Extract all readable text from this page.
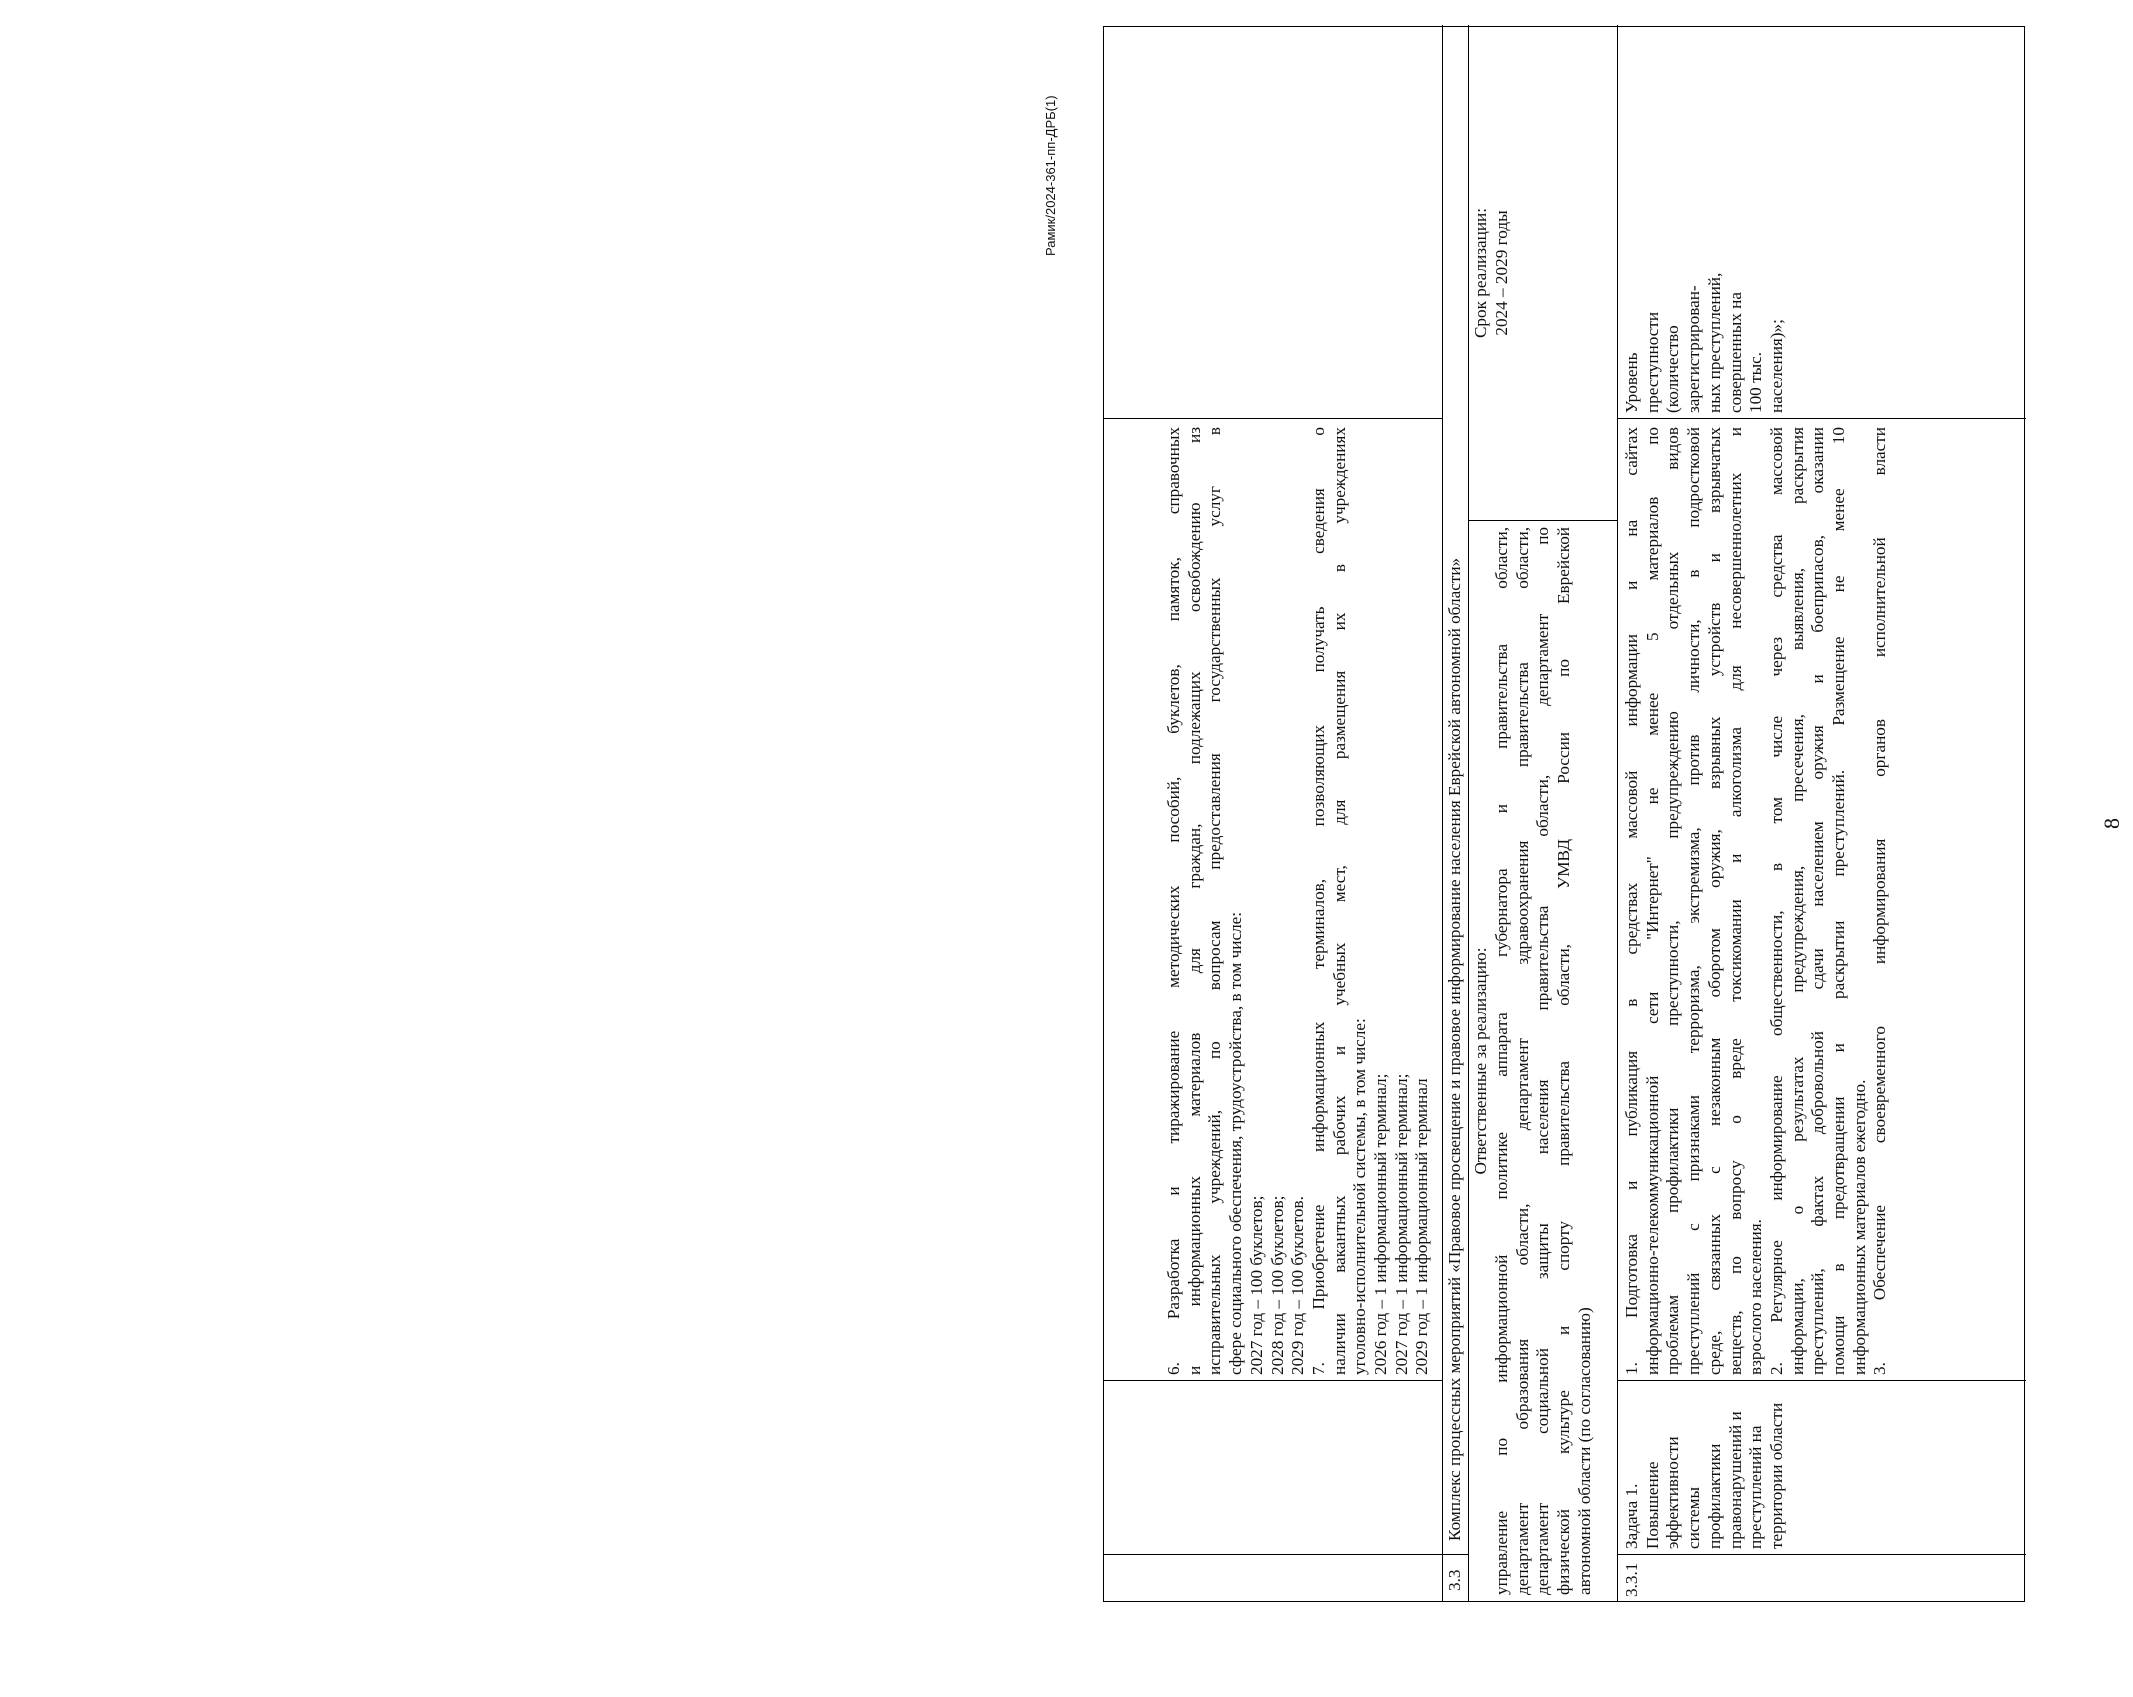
8
Рамик/2024-361-пп-ДРБ(1)
6. Разработка и тиражирование методических пособий, буклетов, памяток, справочных и информационных материалов для граждан, подлежащих освобождению из исправительных учреждений, по вопросам предоставления государственных услуг в сфере социального обеспечения, трудоустройства, в том числе: 2027 год – 100 буклетов; 2028 год – 100 буклетов; 2029 год – 100 буклетов. 7. Приобретение информационных терминалов, позволяющих получать сведения о наличии вакантных рабочих и учебных мест, для размещения их в учреждениях уголовно-исполнительной системы, в том числе: 2026 год – 1 информационный терминал; 2027 год – 1 информационный терминал; 2029 год – 1 информационный терминал
3.3
Комплекс процессных мероприятий «Правовое просвещение и правовое информирование населения Еврейской автономной области» Ответственные за реализацию: управление по информационной политике аппарата губернатора и правительства области, департамент образования области, департамент здравоохранения правительства области, департамент социальной защиты населения правительства области, департамент по физической культуре и спорту правительства области, УМВД России по Еврейской автономной области (по согласованию)
Срок реализации: 2024 – 2029 годы
3.3.1
Задача 1. Повышение эффективности системы профилактики правонарушений и преступлений на территории области
1. Подготовка и публикация в средствах массовой информации и на сайтах информационно-телекоммуникационной сети "Интернет" не менее 5 материалов по проблемам профилактики преступности, предупреждению отдельных видов преступлений с признаками терроризма, экстремизма, против личности, в подростковой среде, связанных с незаконным оборотом оружия, взрывных устройств и взрывчатых веществ, по вопросу о вреде токсикомании и алкоголизма для несовершеннолетних и взрослого населения. 2. Регулярное информирование общественности, в том числе через средства массовой информации, о результатах предупреждения, пресечения, выявления, раскрытия преступлений, фактах добровольной сдачи населением оружия и боеприпасов, оказании помощи в предотвращении и раскрытии преступлений. Размещение не менее 10 информационных материалов ежегодно. 3. Обеспечение своевременного информирования органов исполнительной власти
Уровень преступности (количество зарегистрирован- ных преступлений, совершенных на 100 тыс. населения)»;
